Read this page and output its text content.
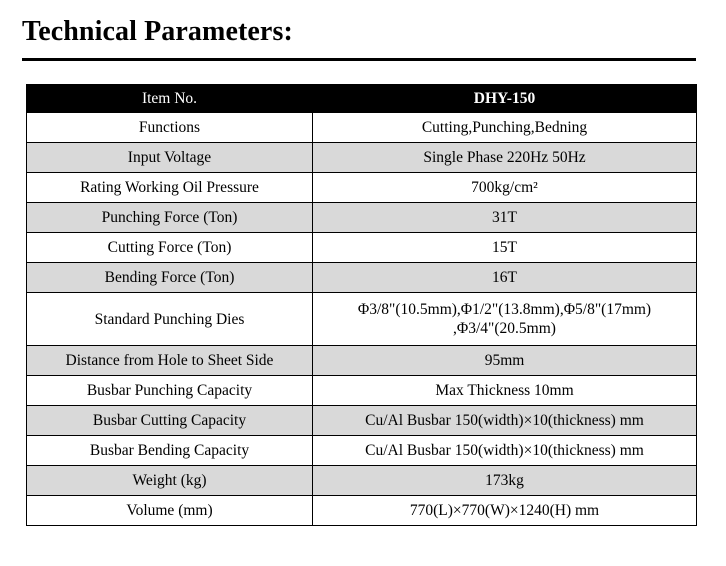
Technical Parameters:
Item No.	DHY-150
Functions	Cutting,Punching,Bedning
Input Voltage	Single Phase 220Hz 50Hz
Rating Working Oil Pressure	700kg/cm²
Punching Force (Ton)	31T
Cutting Force (Ton)	15T
Bending Force (Ton)	16T
Standard Punching Dies	Φ3/8"(10.5mm),Φ1/2"(13.8mm),Φ5/8"(17mm)
,Φ3/4"(20.5mm)
Distance from Hole to Sheet Side	95mm
Busbar Punching Capacity	Max Thickness 10mm
Busbar Cutting Capacity	Cu/Al Busbar 150(width)×10(thickness) mm
Busbar Bending Capacity	Cu/Al Busbar 150(width)×10(thickness) mm
Weight (kg)	173kg
Volume (mm)	770(L)×770(W)×1240(H) mm
